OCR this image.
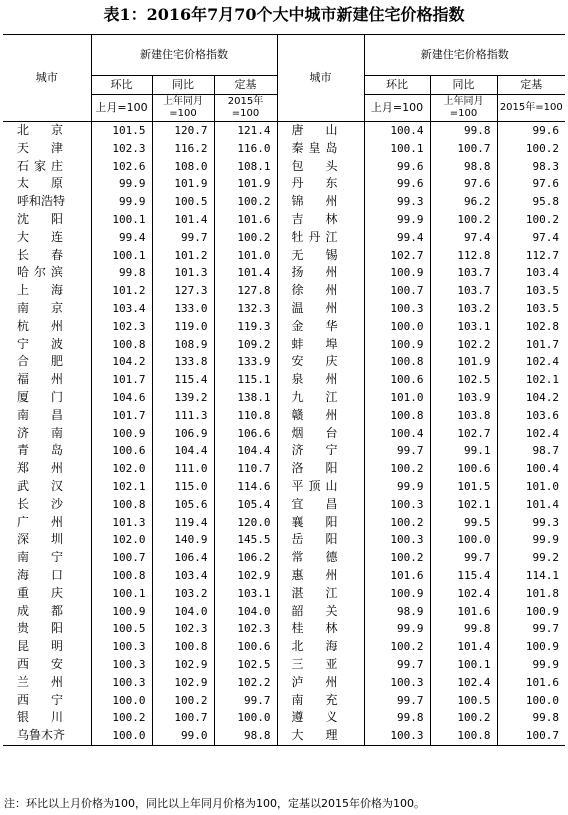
表1：2016年7月70个大中城市新建住宅价格指数
城市	新建住宅价格指数			城市	新建住宅价格指数		
	环比	同比	定基		环比	同比	定基
	上月=100	上年同月=100	2015年=100		上月=100	上年同月=100	2015年=100

北 京	101.5	120.7	121.4	唐 山	100.4	99.8	99.6

天 津	102.3	116.2	116.0	秦 皇 岛	100.1	100.7	100.2

石 家 庄	102.6	108.0	108.1	包 头	99.6	98.8	98.3

太 原	99.9	101.9	101.9	丹 东	99.6	97.6	97.6
呼和浩特	99.9	100.5	100.2	锦 州	99.3	96.2	95.8

沈 阳	100.1	101.4	101.6	吉 林	99.9	100.2	100.2

大 连	99.4	99.7	100.2	牡 丹 江	99.4	97.4	97.4

长 春	100.1	101.2	101.0	无 锡	102.7	112.8	112.7

哈 尔 滨	99.8	101.3	101.4	扬 州	100.9	103.7	103.4

上 海	101.2	127.3	127.8	徐 州	100.7	103.7	103.5

南 京	103.4	133.0	132.3	温 州	100.3	103.2	103.5

杭 州	102.3	119.0	119.3	金 华	100.0	103.1	102.8

宁 波	100.8	108.9	109.2	蚌 埠	100.9	102.2	101.7

合 肥	104.2	133.8	133.9	安 庆	100.8	101.9	102.4

福 州	101.7	115.4	115.1	泉 州	100.6	102.5	102.1

厦 门	104.6	139.2	138.1	九 江	101.0	103.9	104.2

南 昌	101.7	111.3	110.8	赣 州	100.8	103.8	103.6

济 南	100.9	106.9	106.6	烟 台	100.4	102.7	102.4

青 岛	100.6	104.4	104.4	济 宁	99.7	99.1	98.7

郑 州	102.0	111.0	110.7	洛 阳	100.2	100.6	100.4

武 汉	102.1	115.0	114.6	平 顶 山	99.9	101.5	101.0

长 沙	100.8	105.6	105.4	宜 昌	100.3	102.1	101.4

广 州	101.3	119.4	120.0	襄 阳	100.2	99.5	99.3

深 圳	102.0	140.9	145.5	岳 阳	100.3	100.0	99.9

南 宁	100.7	106.4	106.2	常 德	100.2	99.7	99.2

海 口	100.8	103.4	102.9	惠 州	101.6	115.4	114.1

重 庆	100.1	103.2	103.1	湛 江	100.9	102.4	101.8

成 都	100.9	104.0	104.0	韶 关	98.9	101.6	100.9

贵 阳	100.5	102.3	102.3	桂 林	99.9	99.8	99.7

昆 明	100.3	100.8	100.6	北 海	100.2	101.4	100.9

西 安	100.3	102.9	102.5	三 亚	99.7	100.1	99.9

兰 州	100.3	102.9	102.2	泸 州	100.3	102.4	101.6

西 宁	100.0	100.2	99.7	南 充	99.7	100.5	100.0

银 川	100.2	100.7	100.0	遵 义	99.8	100.2	99.8
乌鲁木齐	100.0	99.0	98.8	大 理	100.3	100.8	100.7
注：环比以上月价格为100，同比以上年同月价格为100，定基以2015年价格为100。
